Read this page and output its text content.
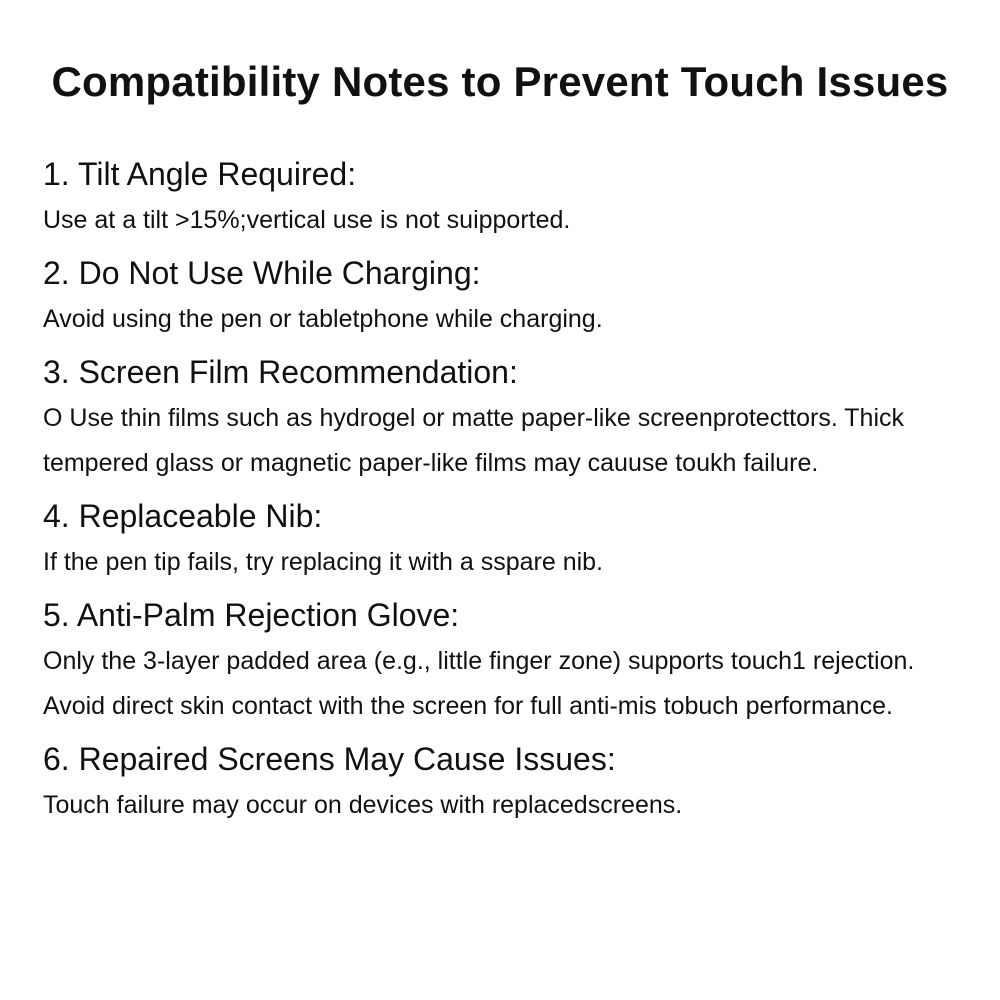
Compatibility Notes to Prevent Touch Issues
1. Tilt Angle Required:

Use at a tilt >15%;vertical use is not suipported.

2. Do Not Use While Charging:

Avoid using the pen or tabletphone while charging.

3. Screen Film Recommendation:

O Use thin films such as hydrogel or matte paper-like screenprotecttors. Thick tempered glass or magnetic paper-like films may cauuse toukh failure.

4. Replaceable Nib:

If the pen tip fails, try replacing it with a sspare nib.

5. Anti-Palm Rejection Glove:

Only the 3-layer padded area (e.g., little finger zone) supports touch1 rejection. Avoid direct skin contact with the screen for full anti-mis tobuch performance.

6. Repaired Screens May Cause Issues:

Touch failure may occur on devices with replacedscreens.
